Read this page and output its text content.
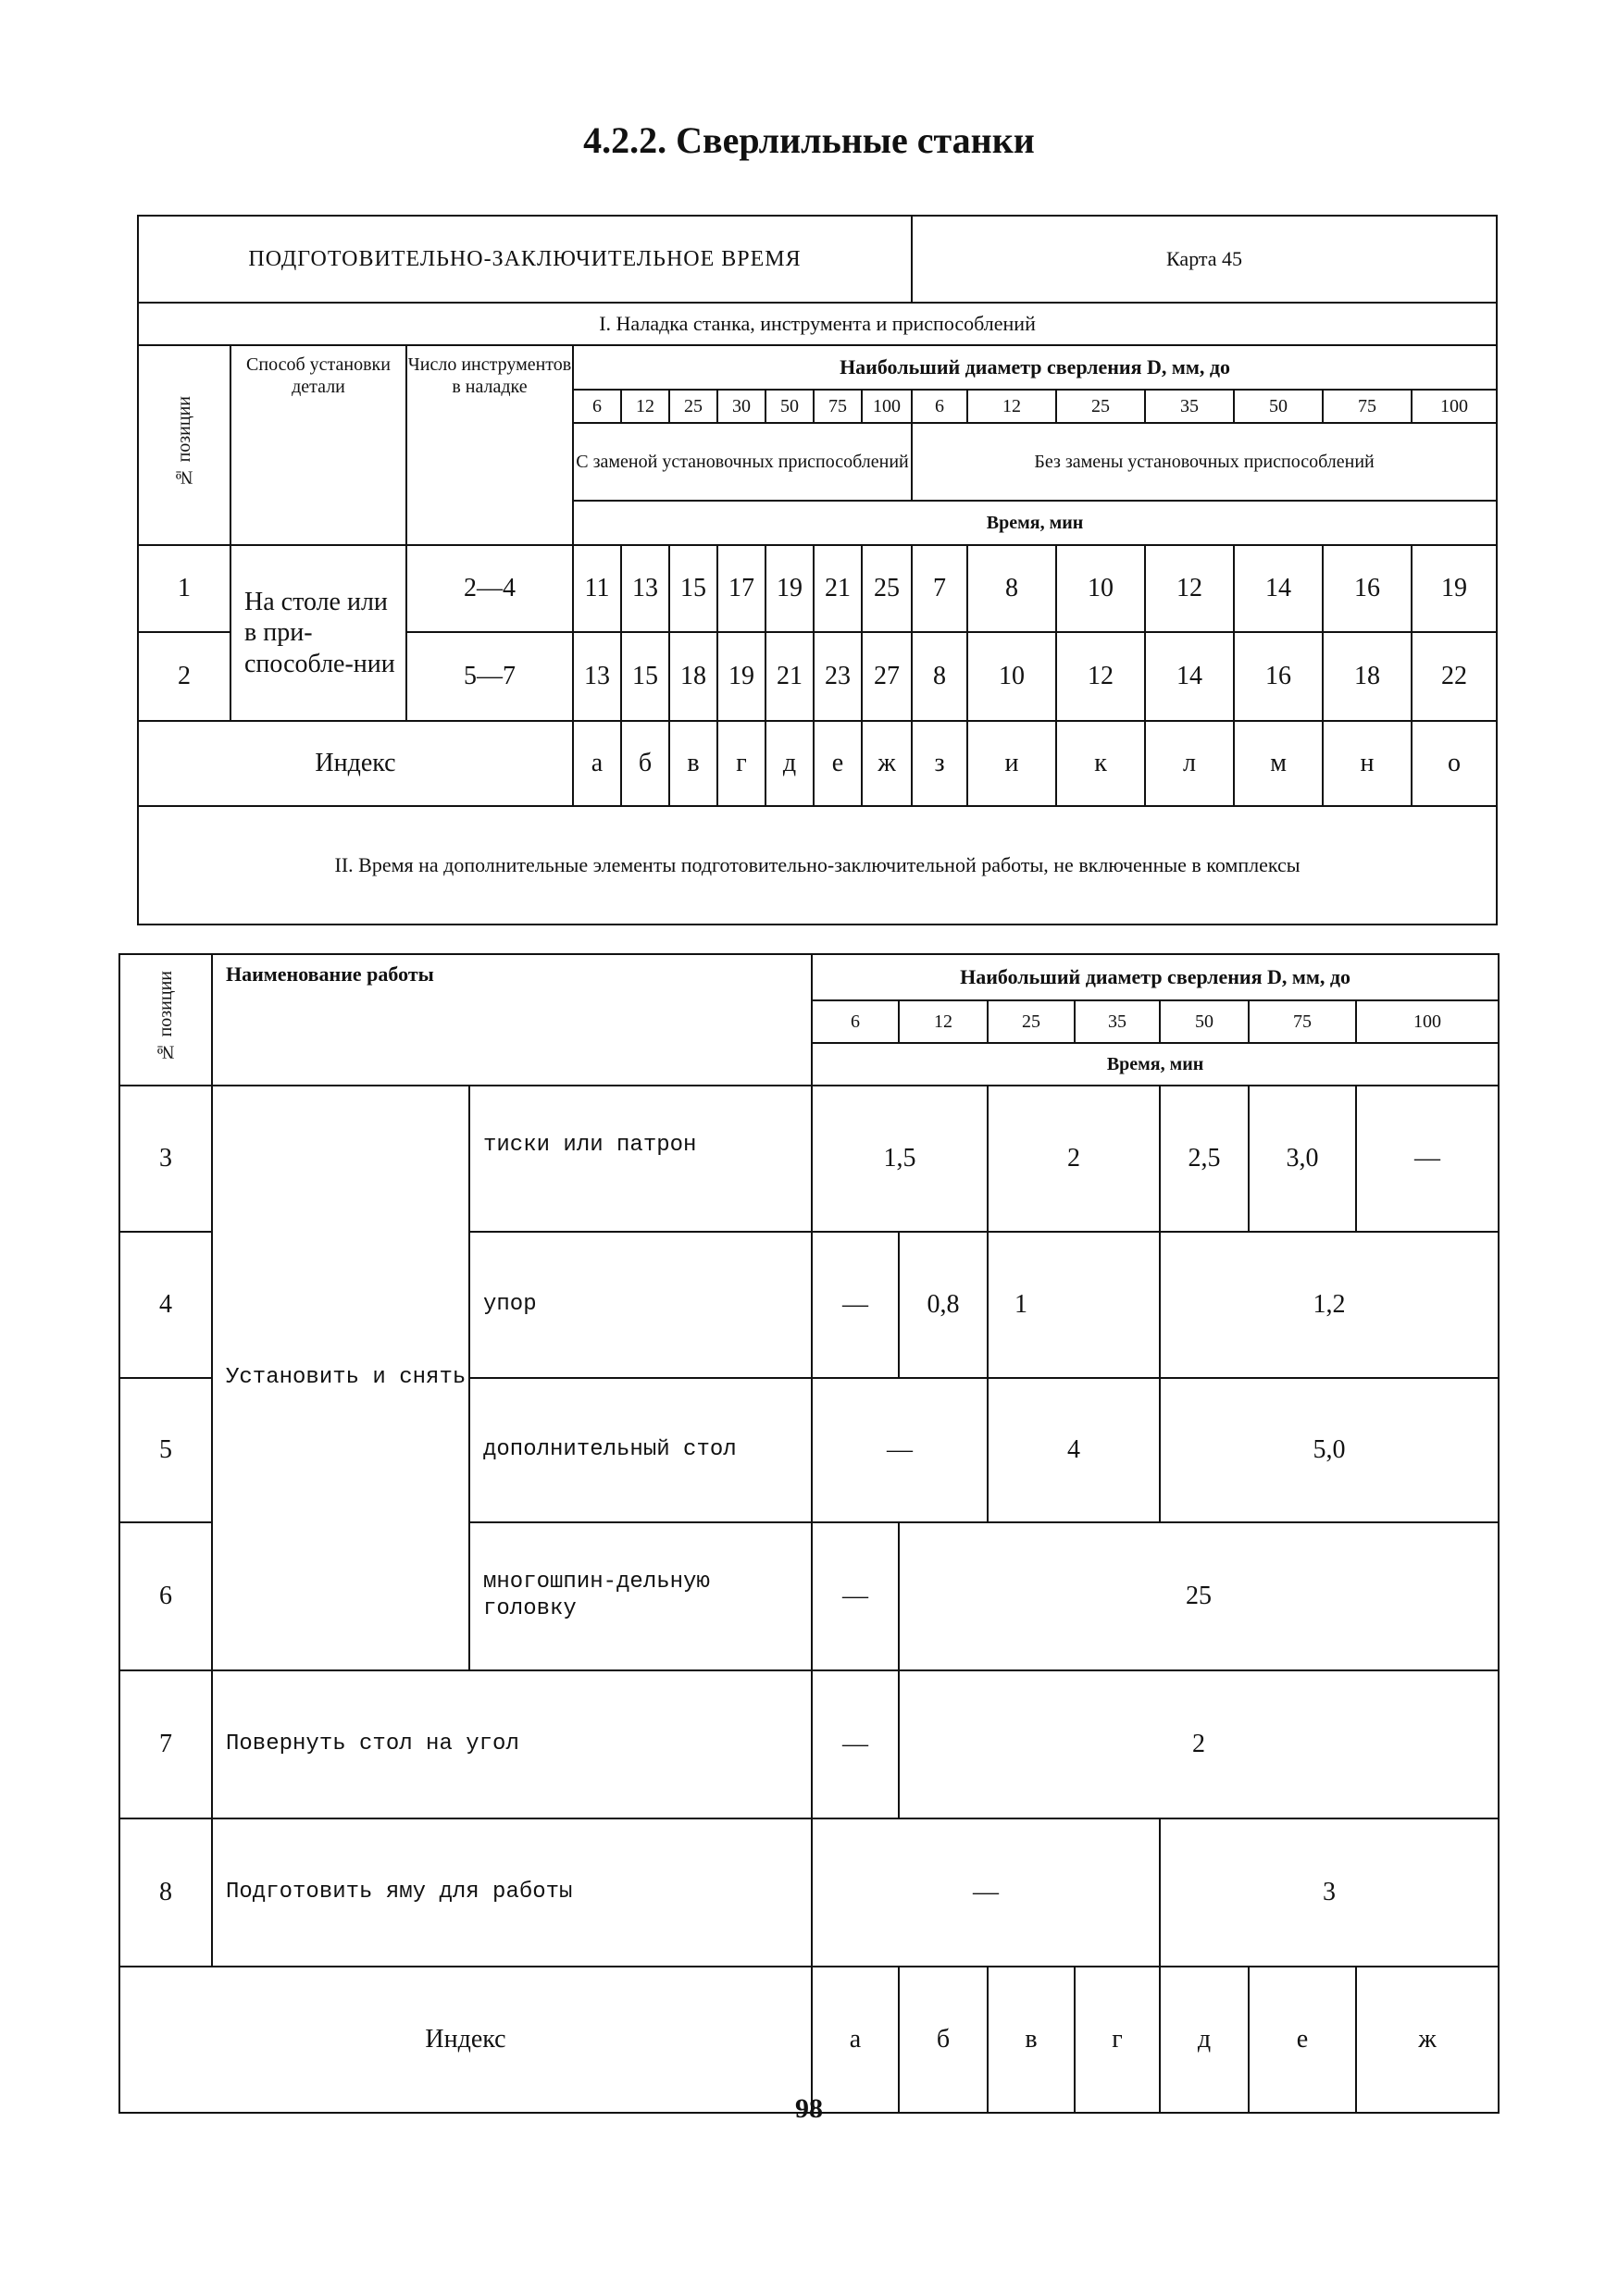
4.2.2. Сверлильные станки
ПОДГОТОВИТЕЛЬНО-ЗАКЛЮЧИТЕЛЬНОЕ ВРЕМЯ										Карта 45						
I. Наладка станка, инструмента и приспособлений																
№ позиции	Способ установки детали	Число инструментов в наладке	Наибольший диаметр сверления D, мм, до													
			6	12	25	30	50	75	100	6	12	25	35	50	75	100
			С заменой установочных приспособлений							Без замены установочных приспособлений						
			Время, мин													
1	На столе или в при-способле-нии	2—4	11	13	15	17	19	21	25	7	8	10	12	14	16	19
2		5—7	13	15	18	19	21	23	27	8	10	12	14	16	18	22
Индекс			а	б	в	г	д	е	ж	з	и	к	л	м	н	о
II. Время на дополнительные элементы подготовительно-заключительной работы, не включенные в комплексы																
№ позиции	Наименование работы		Наибольший диаметр сверления D, мм, до						
			6	12	25	35	50	75	100
			Время, мин						
3	Установить и снять	тиски или патрон	1,5		2		2,5	3,0	—
4		упор	—	0,8	1		1,2		
5		дополнительный стол	—		4		5,0		
6		многошпин-дельную головку	—	25					
7	Повернуть стол на угол		—	2					
8	Подготовить яму для работы		—				3		
Индекс			а	б	в	г	д	е	ж
98
